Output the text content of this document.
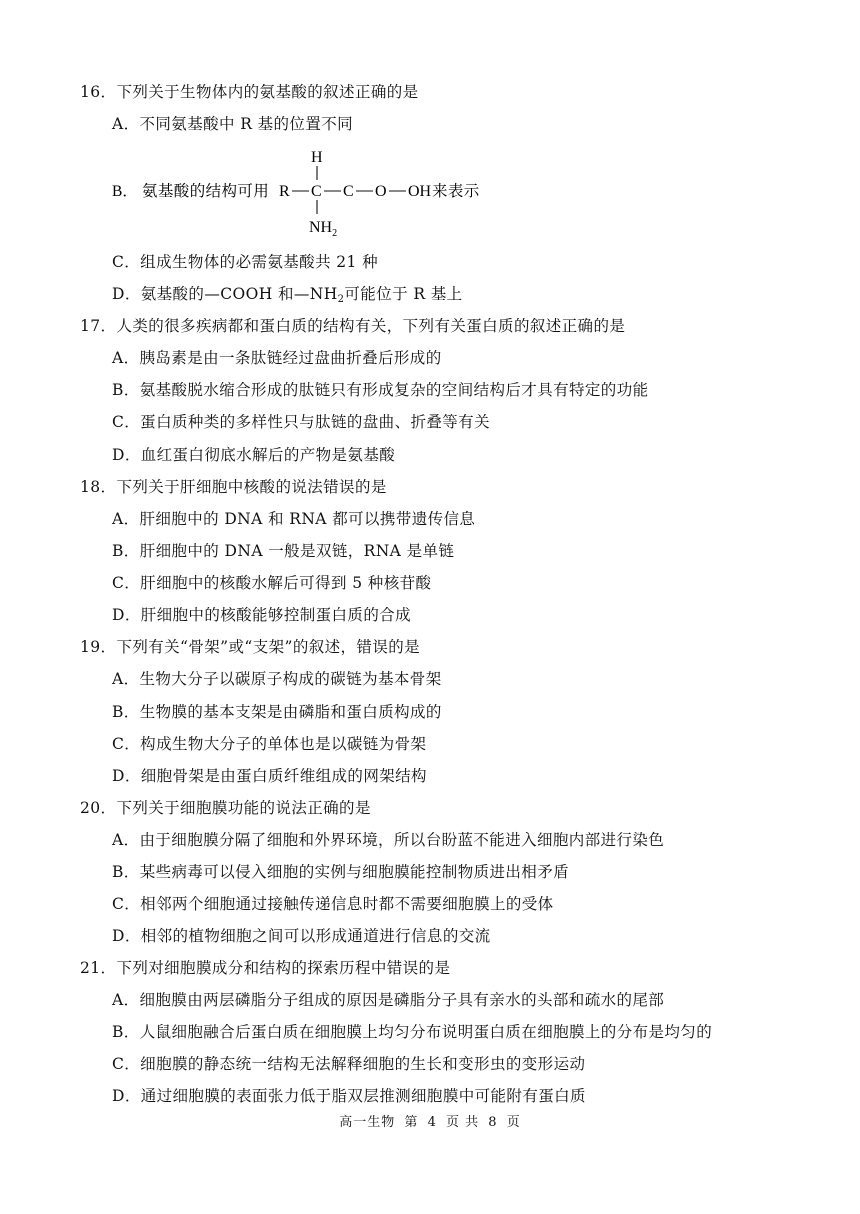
16．下列关于生物体内的氨基酸的叙述正确的是
A．不同氨基酸中 R 基的位置不同
B． 氨基酸的结构可用 R C
H
$NH_2$
C O OH 来表示
C．组成生物体的必需氨基酸共 21 种
D．氨基酸的—COOH 和$—NH_2$可能位于 R 基上
17．人类的很多疾病都和蛋白质的结构有关，下列有关蛋白质的叙述正确的是
A．胰岛素是由一条肽链经过盘曲折叠后形成的
B．氨基酸脱水缩合形成的肽链只有形成复杂的空间结构后才具有特定的功能
C．蛋白质种类的多样性只与肽链的盘曲、折叠等有关
D．血红蛋白彻底水解后的产物是氨基酸
18．下列关于肝细胞中核酸的说法错误的是
A．肝细胞中的 DNA 和 RNA 都可以携带遗传信息
B．肝细胞中的 DNA 一般是双链，RNA 是单链
C．肝细胞中的核酸水解后可得到 5 种核苷酸
D．肝细胞中的核酸能够控制蛋白质的合成
19．下列有关“骨架”或“支架”的叙述，错误的是
A．生物大分子以碳原子构成的碳链为基本骨架
B．生物膜的基本支架是由磷脂和蛋白质构成的
C．构成生物大分子的单体也是以碳链为骨架
D．细胞骨架是由蛋白质纤维组成的网架结构
20．下列关于细胞膜功能的说法正确的是
A．由于细胞膜分隔了细胞和外界环境，所以台盼蓝不能进入细胞内部进行染色
B．某些病毒可以侵入细胞的实例与细胞膜能控制物质进出相矛盾
C．相邻两个细胞通过接触传递信息时都不需要细胞膜上的受体
D．相邻的植物细胞之间可以形成通道进行信息的交流
21．下列对细胞膜成分和结构的探索历程中错误的是
A．细胞膜由两层磷脂分子组成的原因是磷脂分子具有亲水的头部和疏水的尾部
B．人鼠细胞融合后蛋白质在细胞膜上均匀分布说明蛋白质在细胞膜上的分布是均匀的
C．细胞膜的静态统一结构无法解释细胞的生长和变形虫的变形运动
D．通过细胞膜的表面张力低于脂双层推测细胞膜中可能附有蛋白质
高一生物 第 4 页 共 8 页
